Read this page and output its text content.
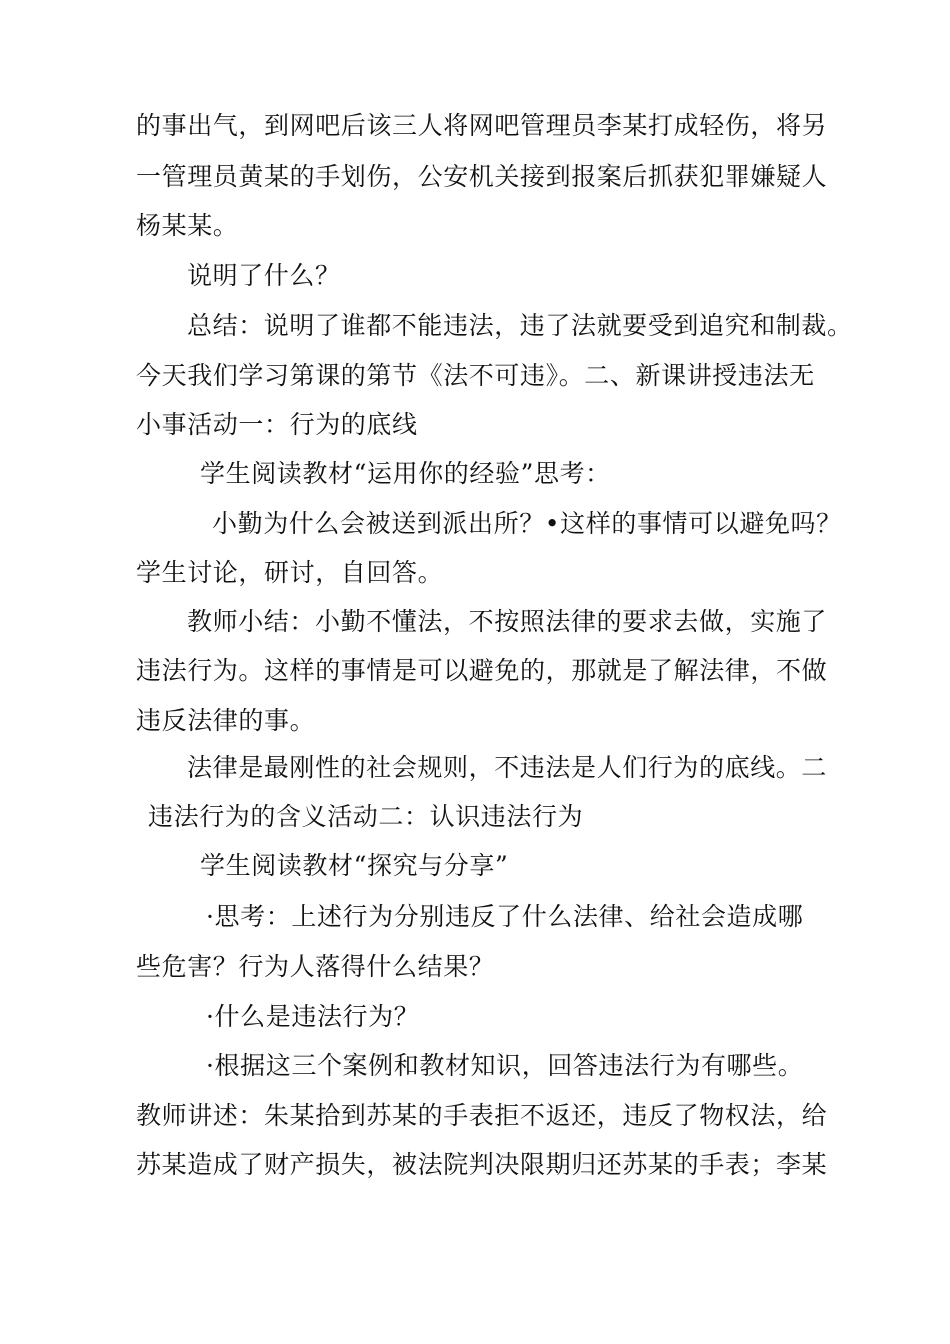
的事出气，到网吧后该三人将网吧管理员李某打成轻伤，将另
一管理员黄某的手划伤，公安机关接到报案后抓获犯罪嫌疑人
杨某某。
说明了什么？
总结：说明了谁都不能违法，违了法就要受到追究和制裁。
今天我们学习第课的第节《法不可违》。二、新课讲授违法无
小事活动一：行为的底线
学生阅读教材“运用你的经验”思考：
小勤为什么会被送到派出所？•这样的事情可以避免吗？
学生讨论，研讨，自回答。
教师小结：小勤不懂法，不按照法律的要求去做，实施了
违法行为。这样的事情是可以避免的，那就是了解法律，不做
违反法律的事。
法律是最刚性的社会规则，不违法是人们行为的底线。二
违法行为的含义活动二：认识违法行为
学生阅读教材“探究与分享”
·思考：上述行为分别违反了什么法律、给社会造成哪
些危害？行为人落得什么结果？
·什么是违法行为？
·根据这三个案例和教材知识，回答违法行为有哪些。
教师讲述：朱某拾到苏某的手表拒不返还，违反了物权法，给
苏某造成了财产损失，被法院判决限期归还苏某的手表；李某
